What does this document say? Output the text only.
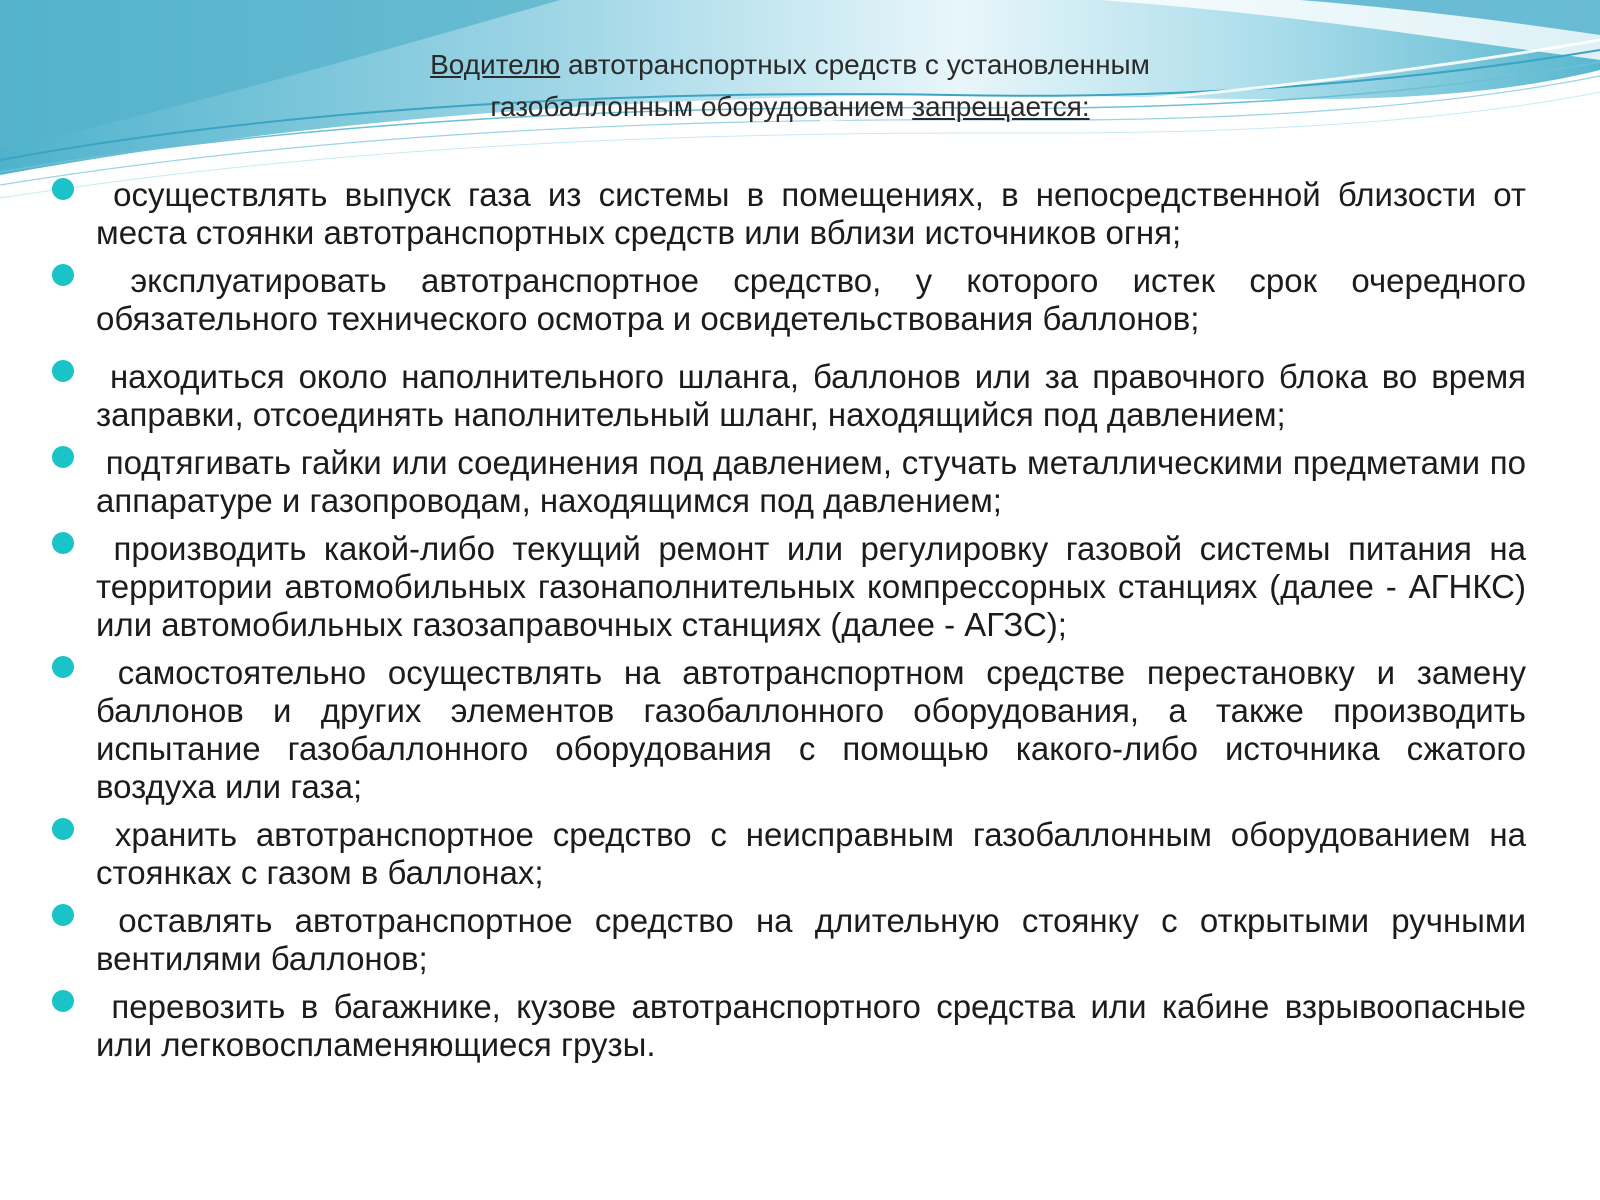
Водителю автотранспортных средств с установленным
газобаллонным оборудованием запрещается:
осуществлять выпуск газа из системы в помещениях, в непосредственной близости от места стоянки автотранспортных средств или вблизи источников огня;
эксплуатировать автотранспортное средство, у которого истек срок очередного обязательного технического осмотра и освидетельствования баллонов;
находиться около наполнительного шланга, баллонов или за правочного блока во время заправки, отсоединять наполнительный шланг, находящийся под давлением;
подтягивать гайки или соединения под давлением, стучать металлическими предметами по аппаратуре и газопроводам, находящимся под давлением;
производить какой-либо текущий ремонт или регулировку газовой системы питания на территории автомобильных газонаполнительных компрессорных станциях (далее - АГНКС) или автомобильных газозаправочных станциях (далее - АГЗС);
самостоятельно осуществлять на автотранспортном средстве перестановку и замену баллонов и других элементов газобаллонного оборудования, а также производить испытание газобаллонного оборудования с помощью какого-либо источника сжатого воздуха или газа;
хранить автотранспортное средство с неисправным газобаллонным оборудованием на стоянках с газом в баллонах;
оставлять автотранспортное средство на длительную стоянку с открытыми ручными вентилями баллонов;
перевозить в багажнике, кузове автотранспортного средства или кабине взрывоопасные или легковоспламеняющиеся грузы.
